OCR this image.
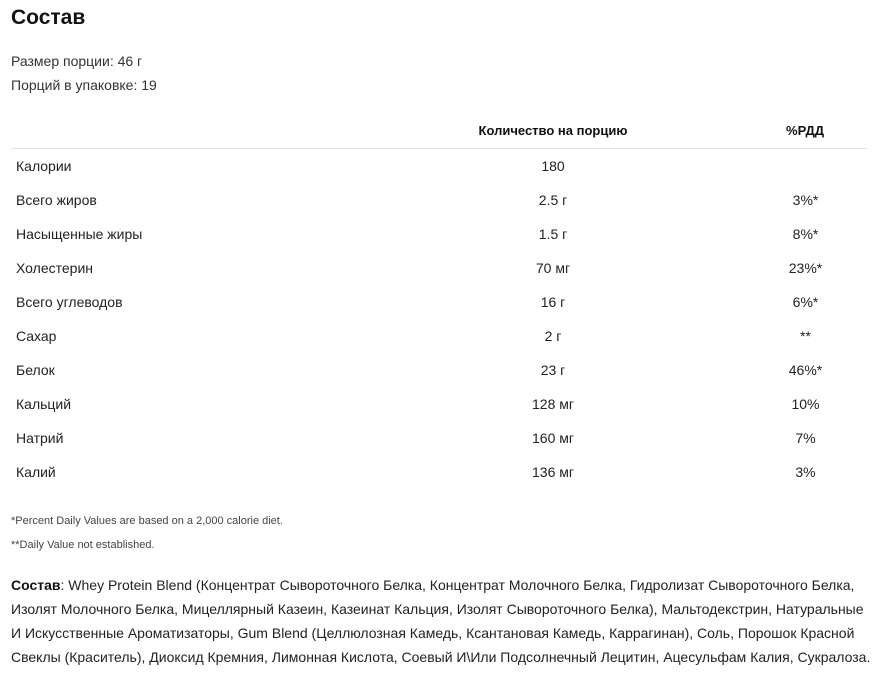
Состав
Размер порции: 46 г
Порций в упаковке: 19
	Количество на порцию	%РДД
Калории	180	
Всего жиров	2.5 г	3%*
Насыщенные жиры	1.5 г	8%*
Холестерин	70 мг	23%*
Всего углеводов	16 г	6%*
Сахар	2 г	**
Белок	23 г	46%*
Кальций	128 мг	10%
Натрий	160 мг	7%
Калий	136 мг	3%
*Percent Daily Values are based on a 2,000 calorie diet.
**Daily Value not established.

Состав: Whey Protein Blend (Концентрат Сывороточного Белка, Концентрат Молочного Белка, Гидролизат Сывороточного Белка, Изолят Молочного Белка, Мицеллярный Казеин, Казеинат Кальция, Изолят Сывороточного Белка), Мальтодекстрин, Натуральные И Искусственные Ароматизаторы, Gum Blend (Целлюлозная Камедь, Ксантановая Камедь, Каррагинан), Соль, Порошок Красной Свеклы (Краситель), Диоксид Кремния, Лимонная Кислота, Соевый И\Или Подсолнечный Лецитин, Ацесульфам Калия, Сукралоза.
